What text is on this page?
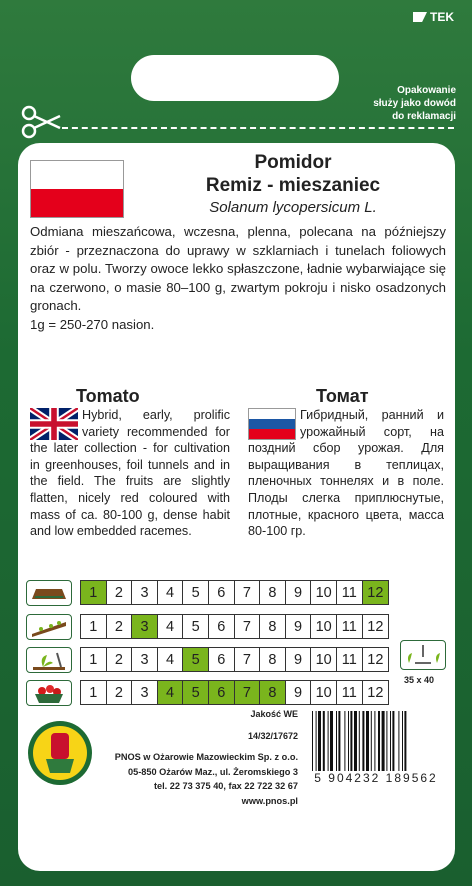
TEK
Opakowanie
służy jako dowód
do reklamacji
Pomidor
Remiz - mieszaniec
Solanum lycopersicum L.
Odmiana mieszańcowa, wczesna, plenna, polecana na późniejszy zbiór - przeznaczona do uprawy w szklarniach i tunelach foliowych oraz w polu. Tworzy owoce lekko spłaszczone, ładnie wybarwiające się na czerwono, o masie 80–100 g, zwartym pokroju i nisko osadzonych gronach.
1g = 250-270 nasion.
Tomato	Томат
Hybrid, early, prolific variety recommended for the later collection - for cultivation in greenhouses, foil tunnels and in the field. The fruits are slightly flatten, nicely red coloured with mass of ca. 80-100 g, dense habit and low embedded racemes.
Гибридный, ранний и урожайный сорт, на поздний сбор урожая. Для выращивания в теплицах, пленочных тоннелях и в поле. Плоды слегка приплюснутые, плотные, красного цвета, масса 80-100 гр.
1	2	3	4	5	6	7	8	9 10 11 12
1	2	3	4	5	6	7	8	9 10 11 12
1	2	3	4	5	6	7	8	9 10 11 12
1	2	3	4	5	6	7	8	9 10 11 12
35 x 40
Jakość WE
14/32/17672
PNOS w Ożarowie Mazowieckim Sp. z o.o.
05-850 Ożarów Maz., ul. Żeromskiego 3
tel. 22 73 375 40, fax 22 722 32 67
www.pnos.pl
5 904232 189562
